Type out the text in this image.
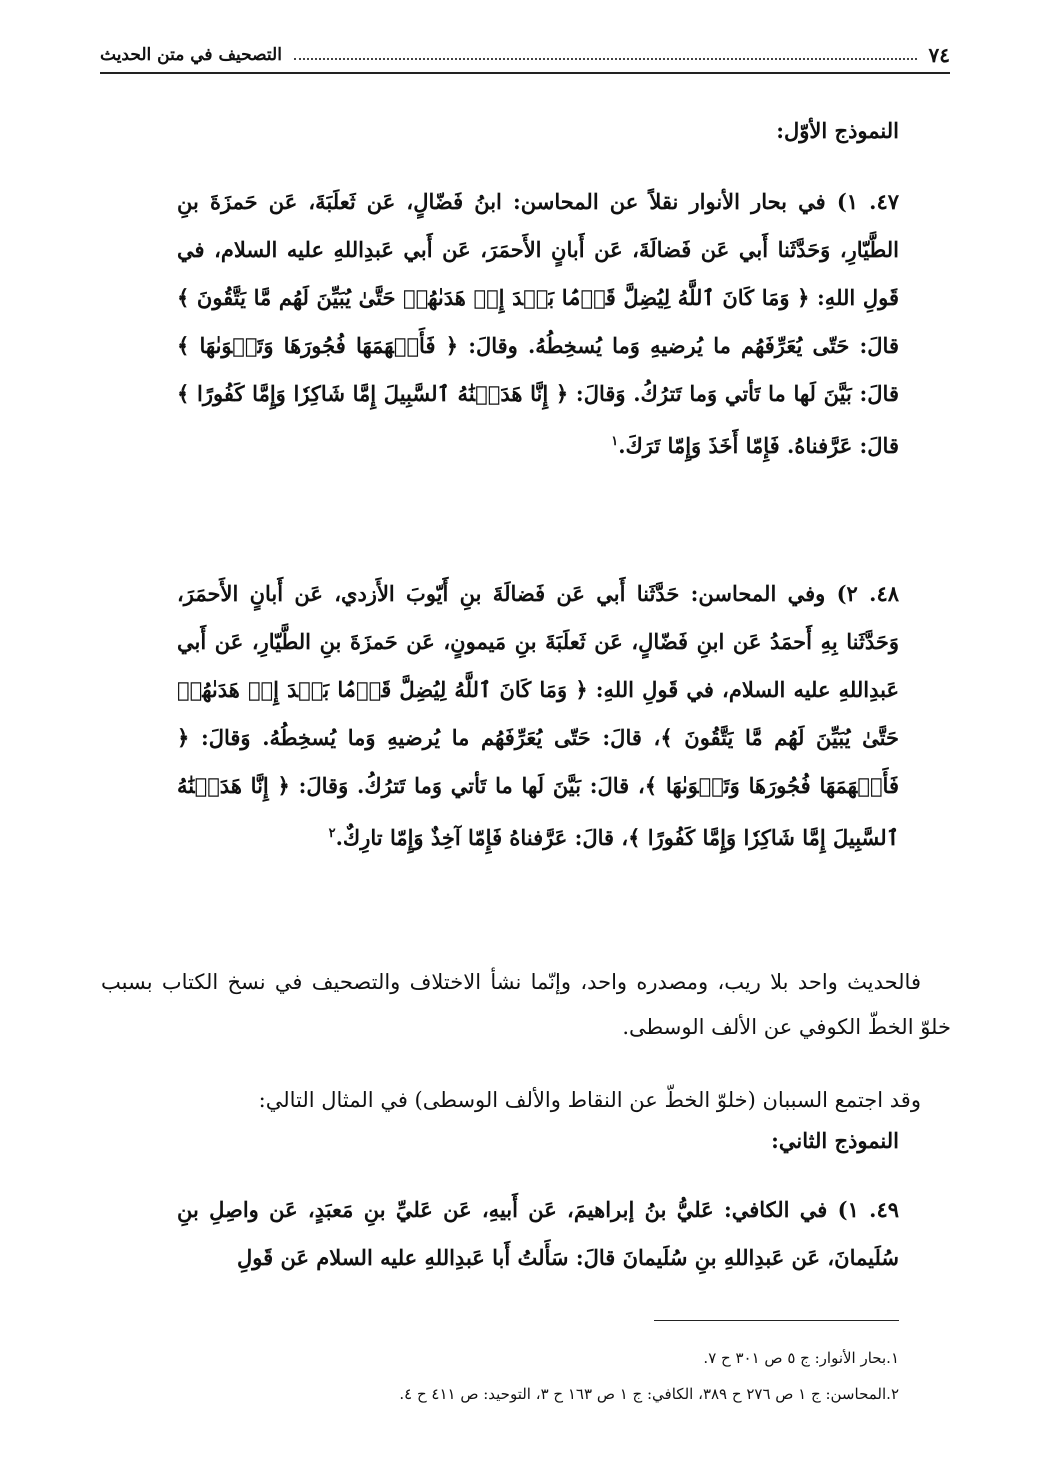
٧٤
التصحيف في متن الحديث
النموذج الأوّل:
٤٧. ١) في بحار الأنوار نقلاً عن المحاسن: ابنُ فَضّالٍ، عَن ثَعلَبَةَ، عَن حَمزَةَ بنِ الطَّيّارِ، وَحَدَّثَنا أَبي عَن فَضالَةَ، عَن أَبانٍ الأَحمَرَ، عَن أَبي عَبدِاللهِ عليه السلام، في قَولِ اللهِ: ﴿ وَمَا كَانَ ٱللَّهُ لِيُضِلَّ قَوۡمَۢا بَعۡدَ إِذۡ هَدَىٰهُمۡ حَتَّىٰ يُبَيِّنَ لَهُم مَّا يَتَّقُونَ ﴾ قالَ: حَتّى يُعَرِّفَهُم ما يُرضيهِ وَما يُسخِطُهُ. وقالَ: ﴿ فَأَلۡهَمَهَا فُجُورَهَا وَتَقۡوَىٰهَا ﴾ قالَ: بَيَّنَ لَها ما تَأتي وَما تَترُكُ. وَقالَ: ﴿ إِنَّا هَدَيۡنَٰهُ ٱلسَّبِيلَ إِمَّا شَاكِرٗا وَإِمَّا كَفُورًا ﴾ قالَ: عَرَّفناهُ. فَإِمّا أَخَذَ وَإِمّا تَرَكَ.$^١$
٤٨. ٢) وفي المحاسن: حَدَّثَنا أَبي عَن فَضالَةَ بنِ أَيّوبَ الأَزدي، عَن أَبانٍ الأَحمَرَ، وَحَدَّثَنا بِهِ أَحمَدُ عَن ابنِ فَضّالٍ، عَن ثَعلَبَةَ بنِ مَيمونٍ، عَن حَمزَةَ بنِ الطَّيّارِ، عَن أَبي عَبدِاللهِ عليه السلام، في قَولِ اللهِ: ﴿ وَمَا كَانَ ٱللَّهُ لِيُضِلَّ قَوۡمَۢا بَعۡدَ إِذۡ هَدَىٰهُمۡ حَتَّىٰ يُبَيِّنَ لَهُم مَّا يَتَّقُونَ ﴾، قالَ: حَتّى يُعَرِّفَهُم ما يُرضيهِ وَما يُسخِطُهُ. وَقالَ: ﴿ فَأَلۡهَمَهَا فُجُورَهَا وَتَقۡوَىٰهَا ﴾، قالَ: بَيَّنَ لَها ما تَأتي وَما تَترُكُ. وَقالَ: ﴿ إِنَّا هَدَيۡنَٰهُ ٱلسَّبِيلَ إِمَّا شَاكِرٗا وَإِمَّا كَفُورًا ﴾، قالَ: عَرَّفناهُ فَإِمّا آخِذٌ وَإِمّا تارِكٌ.$^٢$
فالحديث واحد بلا ريب، ومصدره واحد، وإنّما نشأ الاختلاف والتصحيف في نسخ الكتاب بسبب خلوّ الخطّ الكوفي عن الألف الوسطى.
وقد اجتمع السببان (خلوّ الخطّ عن النقاط والألف الوسطى) في المثال التالي:
النموذج الثاني:
٤٩. ١) في الكافي: عَليُّ بنُ إبراهيمَ، عَن أَبيهِ، عَن عَليِّ بنِ مَعبَدٍ، عَن واصِلِ بنِ سُلَيمانَ، عَن عَبدِاللهِ بنِ سُلَيمانَ قالَ: سَأَلتُ أَبا عَبدِاللهِ عليه السلام عَن قَولِ
١.بحار الأنوار: ج ٥ ص ٣٠١ ح ٧.
٢.المحاسن: ج ١ ص ٢٧٦ ح ٣٨٩، الكافي: ج ١ ص ١٦٣ ح ٣، التوحيد: ص ٤١١ ح ٤.
